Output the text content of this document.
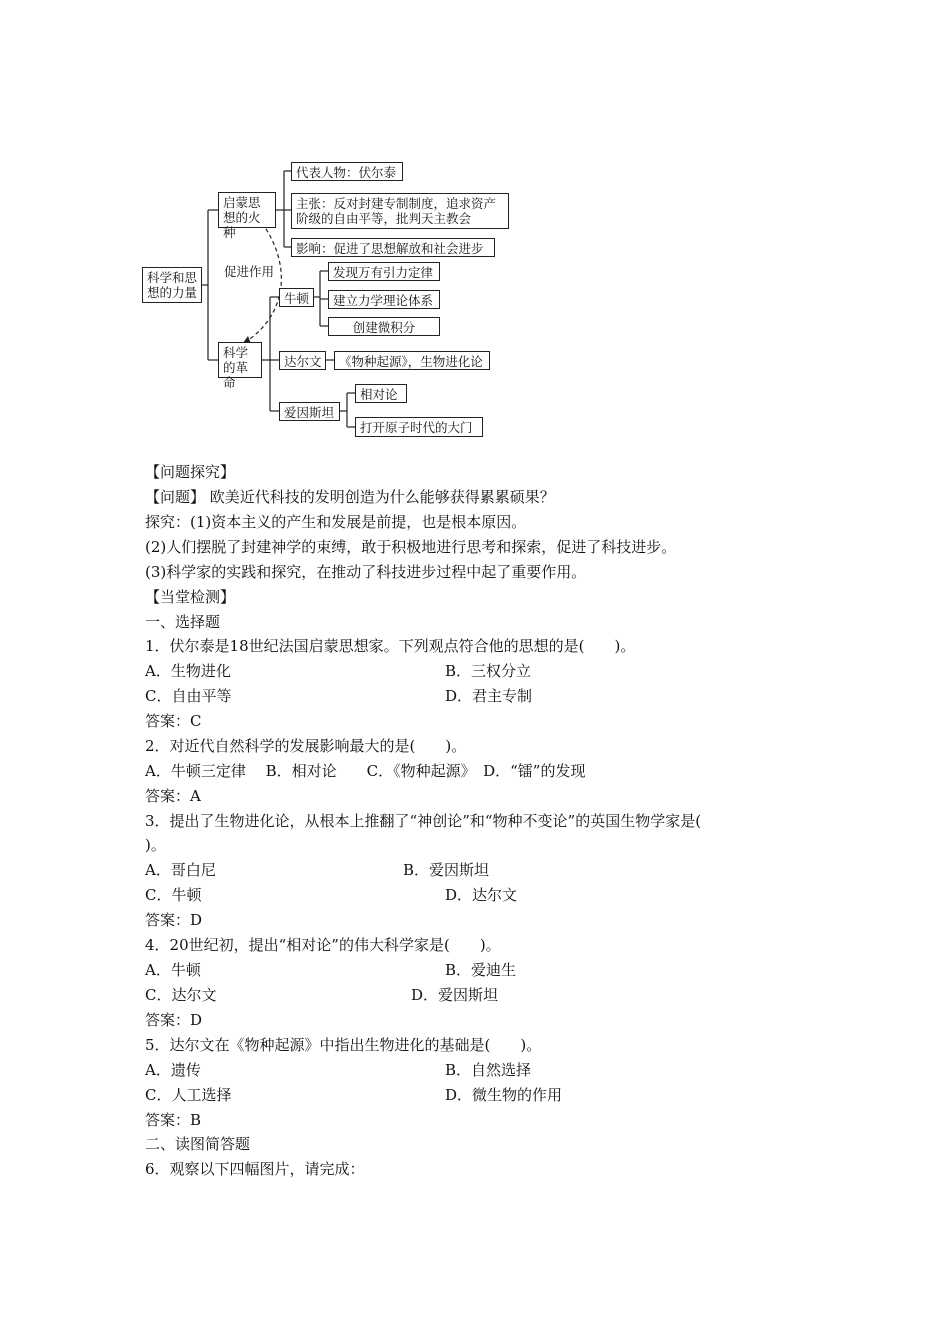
科学和思想的力量
启蒙思想的火种
代表人物：伏尔泰
主张：反对封建专制制度，追求资产阶级的自由平等，批判天主教会
影响：促进了思想解放和社会进步
促进作用
科学的革命
牛顿
发现万有引力定律
建立力学理论体系
创建微积分
达尔文	《物种起源》，生物进化论
爱因斯坦
相对论
打开原子时代的大门
【问题探究】
【问题】 欧美近代科技的发明创造为什么能够获得累累硕果？
探究：(1)资本主义的产生和发展是前提，也是根本原因。
(2)人们摆脱了封建神学的束缚，敢于积极地进行思考和探索，促进了科技进步。
(3)科学家的实践和探究，在推动了科技进步过程中起了重要作用。
【当堂检测】
一、选择题
1．伏尔泰是18世纪法国启蒙思想家。下列观点符合他的思想的是(　　)。
A．生物进化	B．三权分立
C．自由平等	D．君主专制
答案：C
2．对近代自然科学的发展影响最大的是(　　)。
A．牛顿三定律　 B．相对论　　C．《物种起源》　D．“镭”的发现
答案：A
3．提出了生物进化论，从根本上推翻了“神创论”和“物种不变论”的英国生物学家是(
)。
A．哥白尼	B．爱因斯坦
C．牛顿	D．达尔文
答案：D
4．20世纪初，提出“相对论”的伟大科学家是(　　)。
A．牛顿	B．爱迪生
C．达尔文	D．爱因斯坦
答案：D
5．达尔文在《物种起源》中指出生物进化的基础是(　　)。
A．遗传	B．自然选择
C．人工选择	D．微生物的作用
答案：B
二、读图简答题
6．观察以下四幅图片，请完成：
